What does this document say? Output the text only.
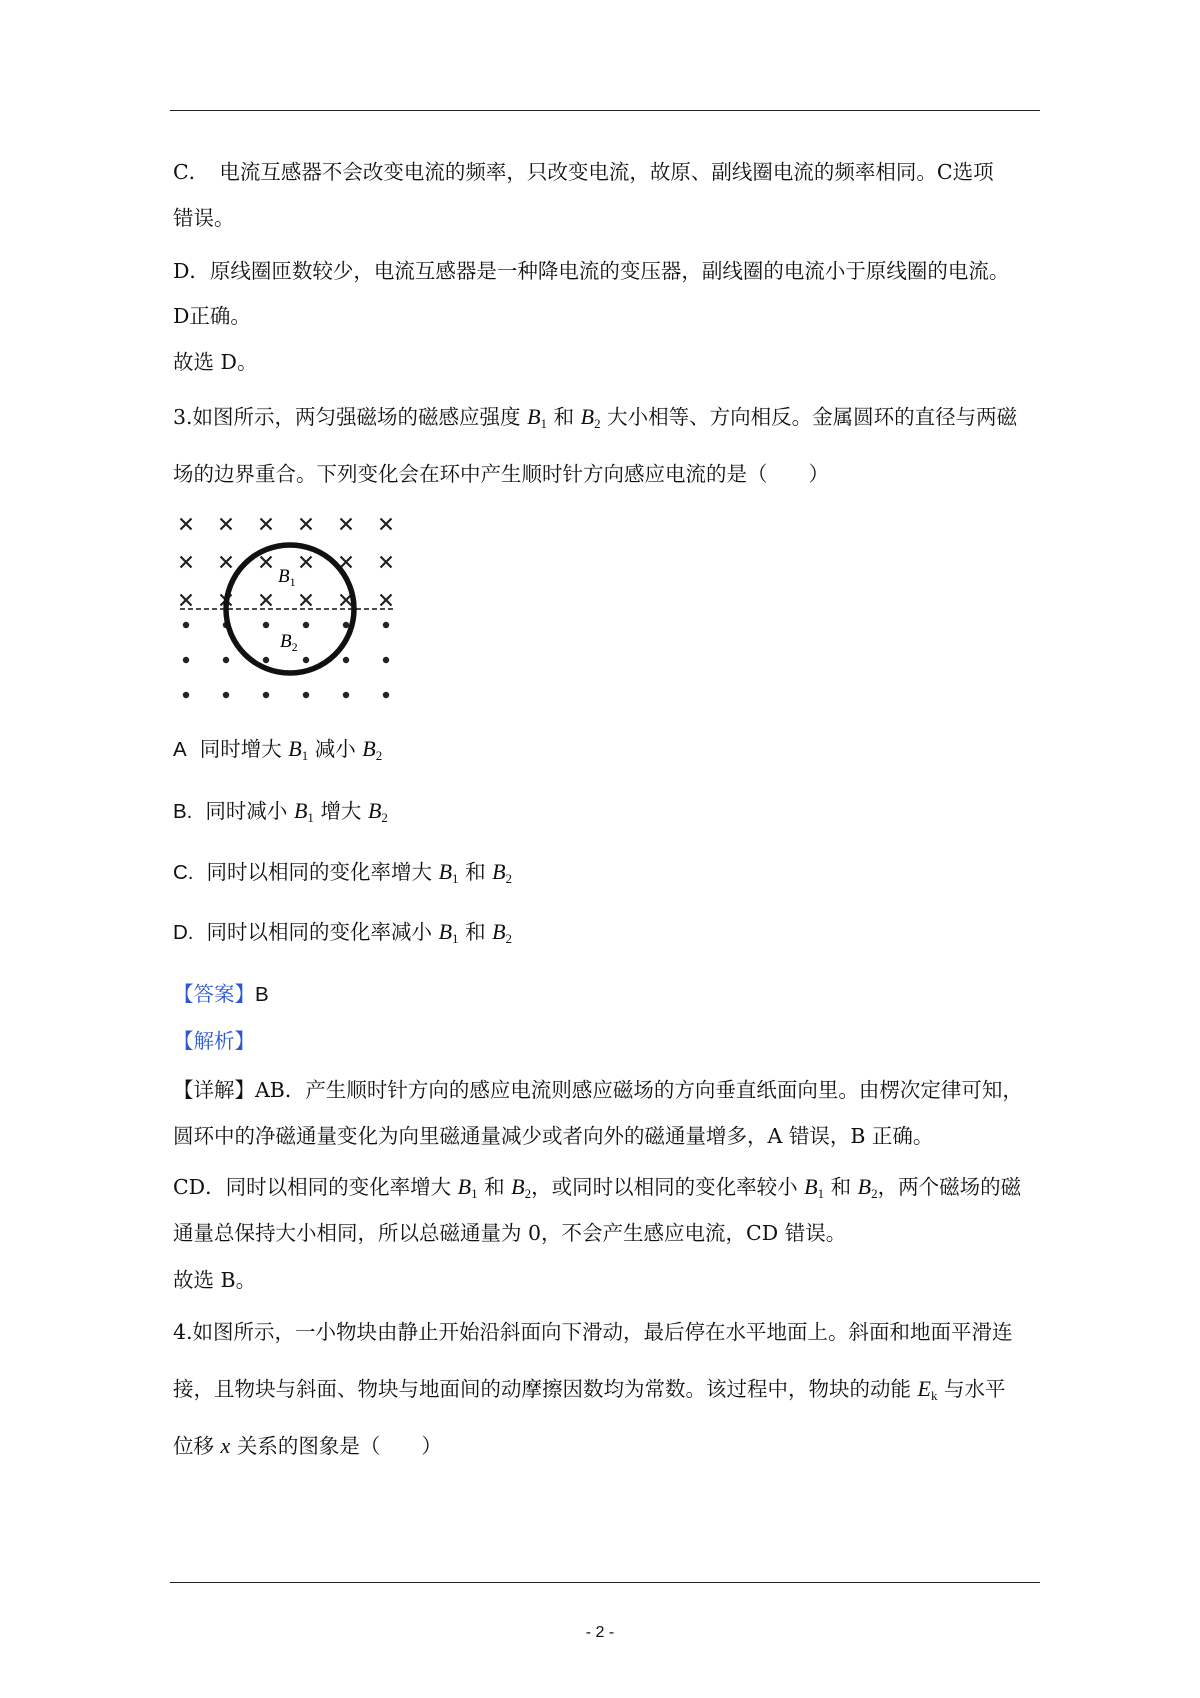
C．　电流互感器不会改变电流的频率，只改变电流，故原、副线圈电流的频率相同。C选项
错误。
D．原线圈匝数较少，电流互感器是一种降电流的变压器，副线圈的电流小于原线圈的电流。
D正确。
故选 D。
3.如图所示，两匀强磁场的磁感应强度 $B_1$ 和 $B_2$ 大小相等、方向相反。金属圆环的直径与两磁
场的边界重合。下列变化会在环中产生顺时针方向感应电流的是（　　）
$B_1$
$B_2$
A 同时增大 $B_1$ 减小 $B_2$
B. 同时减小 $B_1$ 增大 $B_2$
C. 同时以相同的变化率增大 $B_1$ 和 $B_2$
D. 同时以相同的变化率减小 $B_1$ 和 $B_2$
【答案】B
【解析】
【详解】AB．产生顺时针方向的感应电流则感应磁场的方向垂直纸面向里。由楞次定律可知，
圆环中的净磁通量变化为向里磁通量减少或者向外的磁通量增多，A 错误，B 正确。
CD．同时以相同的变化率增大 $B_1$ 和 $B_2$，或同时以相同的变化率较小 $B_1$ 和 $B_2$，两个磁场的磁
通量总保持大小相同，所以总磁通量为 0，不会产生感应电流，CD 错误。
故选 B。
4.如图所示，一小物块由静止开始沿斜面向下滑动，最后停在水平地面上。斜面和地面平滑连
接，且物块与斜面、物块与地面间的动摩擦因数均为常数。该过程中，物块的动能 $E_k$ 与水平
位移 x 关系的图象是（　　）
- 2 -
